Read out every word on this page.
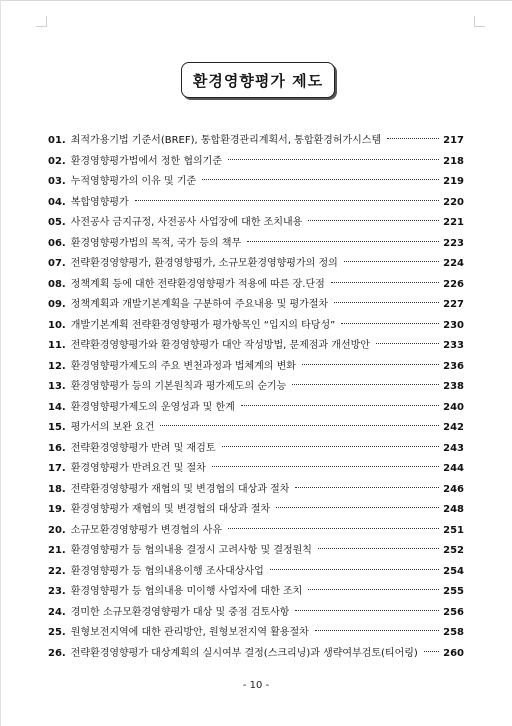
환경영향평가 제도
01. 최적가용기법 기준서(BREF), 통합환경관리계획서, 통합환경허가시스템	217
02. 환경영향평가법에서 정한 협의기준	218
03. 누적영향평가의 이유 및 기준	219
04. 복합영향평가	220
05. 사전공사 금지규정, 사전공사 사업장에 대한 조치내용	221
06. 환경영향평가법의 목적, 국가 등의 책무	223
07. 전략환경영향평가, 환경영향평가, 소규모환경영향평가의 정의	224
08. 정책계획 등에 대한 전략환경영향평가 적용에 따른 장.단점	226
09. 정책계획과 개발기본계획을 구분하여 주요내용 및 평가절차	227
10. 개발기본계획 전략환경영향평가 평가항목인 “입지의 타당성”	230
11. 전략환경영향평가와 환경영향평가 대안 작성방법, 문제점과 개선방안	233
12. 환경영향평가제도의 주요 변천과정과 법체계의 변화	236
13. 환경영향평가 등의 기본원칙과 평가제도의 순기능	238
14. 환경영향평가제도의 운영성과 및 한계	240
15. 평가서의 보완 요건	242
16. 전략환경영향평가 반려 및 재검토	243
17. 환경영향평가 반려요건 및 절차	244
18. 전략환경영향평가 재협의 및 변경협의 대상과 절차	246
19. 환경영향평가 재협의 및 변경협의 대상과 절차	248
20. 소규모환경영향평가 변경협의 사유	251
21. 환경영향평가 등 협의내용 결정시 고려사항 및 결정원칙	252
22. 환경영향평가 등 협의내용이행 조사대상사업	254
23. 환경영향평가 등 협의내용 미이행 사업자에 대한 조치	255
24. 경미한 소규모환경영향평가 대상 및 중점 검토사항	256
25. 원형보전지역에 대한 관리방안, 원형보전지역 활용절차	258
26. 전략환경영향평가 대상계획의 실시여부 결정(스크리닝)과 생략여부검토(티어링)	260
- 10 -
